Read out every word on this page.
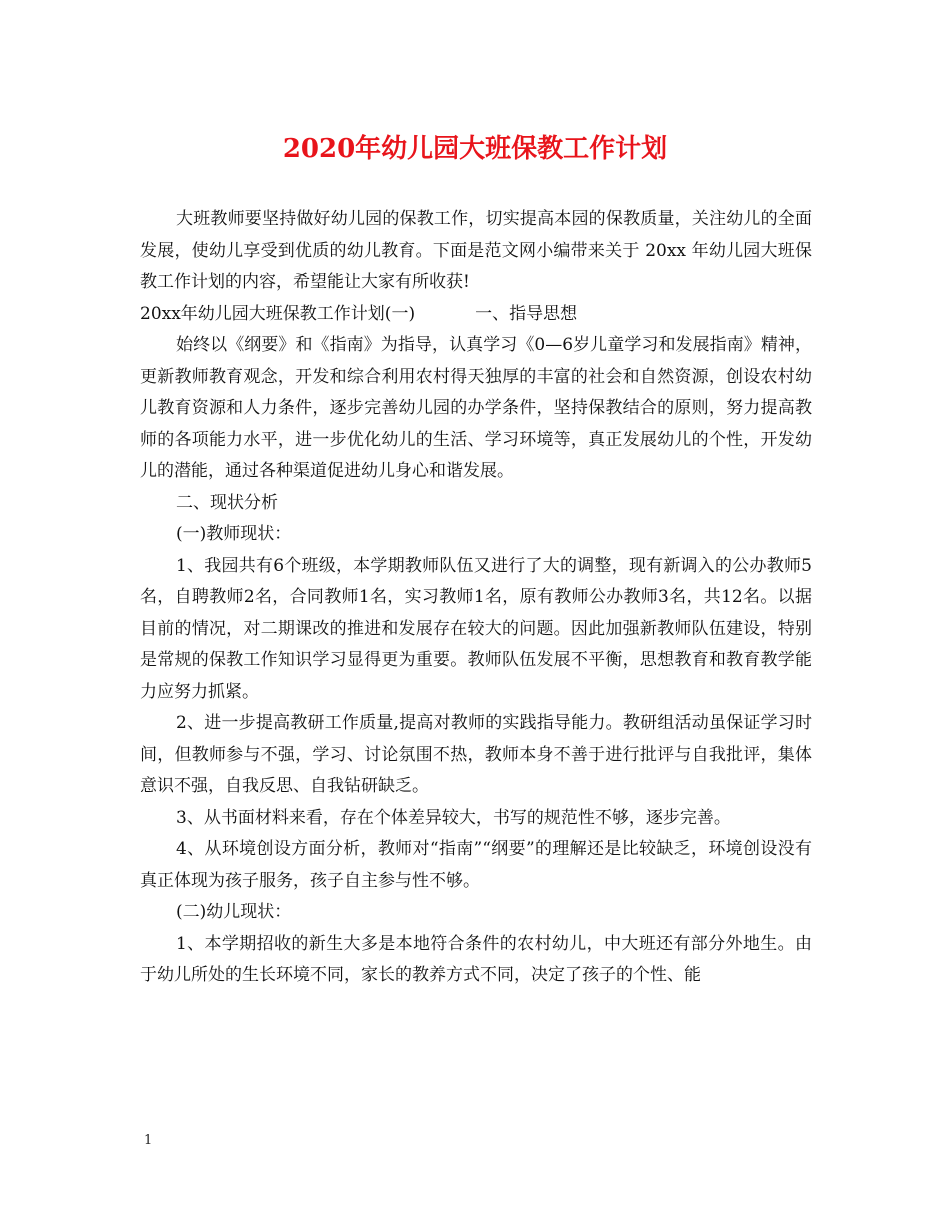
2020年幼儿园大班保教工作计划

大班教师要坚持做好幼儿园的保教工作，切实提高本园的保教质量，关注幼儿的全面发展，使幼儿享受到优质的幼儿教育。下面是范文网小编带来关于 20xx 年幼儿园大班保教工作计划的内容，希望能让大家有所收获!

20xx年幼儿园大班保教工作计划(一)	一、指导思想

始终以《纲要》和《指南》为指导，认真学习《0—6岁儿童学习和发展指南》精神，更新教师教育观念，开发和综合利用农村得天独厚的丰富的社会和自然资源，创设农村幼儿教育资源和人力条件，逐步完善幼儿园的办学条件，坚持保教结合的原则，努力提高教师的各项能力水平，进一步优化幼儿的生活、学习环境等，真正发展幼儿的个性，开发幼儿的潜能，通过各种渠道促进幼儿身心和谐发展。

二、现状分析

(一)教师现状：

1、我园共有6个班级，本学期教师队伍又进行了大的调整，现有新调入的公办教师5名，自聘教师2名，合同教师1名，实习教师1名，原有教师公办教师3名，共12名。以据目前的情况，对二期课改的推进和发展存在较大的问题。因此加强新教师队伍建设，特别是常规的保教工作知识学习显得更为重要。教师队伍发展不平衡，思想教育和教育教学能力应努力抓紧。

2、进一步提高教研工作质量,提高对教师的实践指导能力。教研组活动虽保证学习时间，但教师参与不强，学习、讨论氛围不热，教师本身不善于进行批评与自我批评，集体意识不强，自我反思、自我钻研缺乏。

3、从书面材料来看，存在个体差异较大，书写的规范性不够，逐步完善。

4、从环境创设方面分析，教师对“指南”“纲要”的理解还是比较缺乏，环境创设没有真正体现为孩子服务，孩子自主参与性不够。

(二)幼儿现状：

1、本学期招收的新生大多是本地符合条件的农村幼儿，中大班还有部分外地生。由于幼儿所处的生长环境不同，家长的教养方式不同，决定了孩子的个性、能

1
